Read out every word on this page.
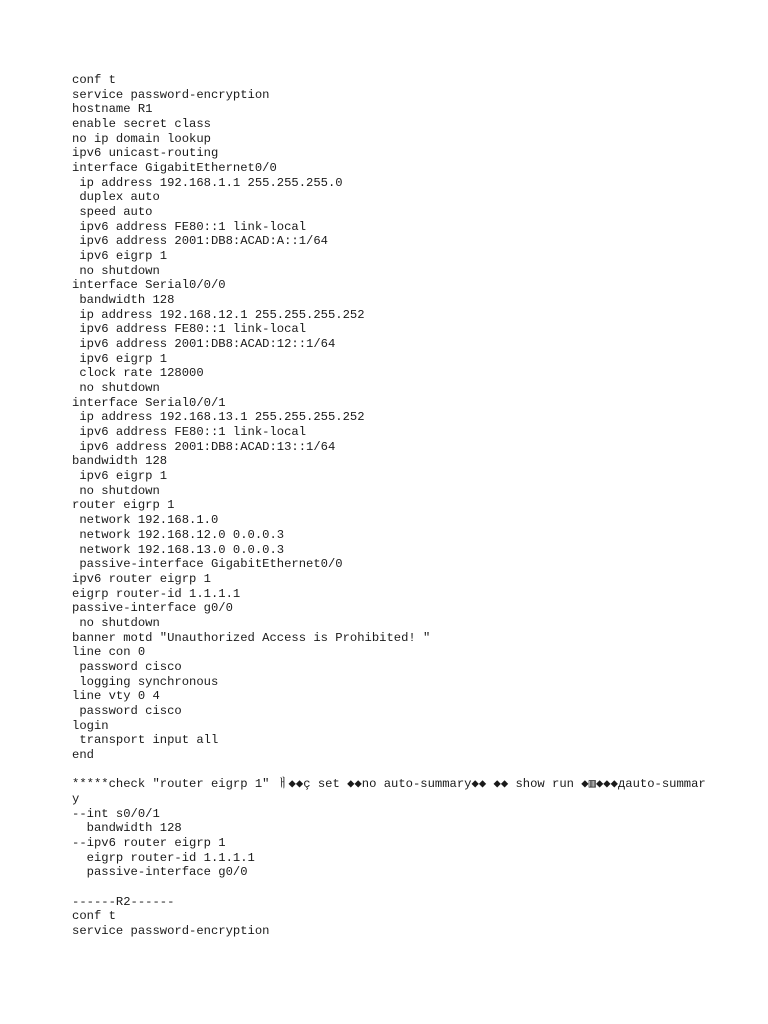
conf t
service password-encryption
hostname R1
enable secret class
no ip domain lookup
ipv6 unicast-routing
interface GigabitEthernet0/0
ip address 192.168.1.1 255.255.255.0
duplex auto
speed auto
ipv6 address FE80::1 link-local
ipv6 address 2001:DB8:ACAD:A::1/64
ipv6 eigrp 1
no shutdown
interface Serial0/0/0
bandwidth 128
ip address 192.168.12.1 255.255.255.252
ipv6 address FE80::1 link-local
ipv6 address 2001:DB8:ACAD:12::1/64
ipv6 eigrp 1
clock rate 128000
no shutdown
interface Serial0/0/1
ip address 192.168.13.1 255.255.255.252
ipv6 address FE80::1 link-local
ipv6 address 2001:DB8:ACAD:13::1/64
bandwidth 128
ipv6 eigrp 1
no shutdown
router eigrp 1
network 192.168.1.0
network 192.168.12.0 0.0.0.3
network 192.168.13.0 0.0.0.3
passive-interface GigabitEthernet0/0
ipv6 router eigrp 1
eigrp router-id 1.1.1.1
passive-interface g0/0
no shutdown
banner motd "Unauthorized Access is Prohibited! "
line con 0
password cisco
logging synchronous
line vty 0 4
password cisco
login
transport input all
end
*****check "router eigrp 1" ㅐ◆◆ç set ◆◆no auto-summary◆◆ ◆◆ show run ◆▥◆◆◆дauto-summary
--int s0/0/1
bandwidth 128
--ipv6 router eigrp 1
eigrp router-id 1.1.1.1
passive-interface g0/0
------R2------
conf t
service password-encryption
